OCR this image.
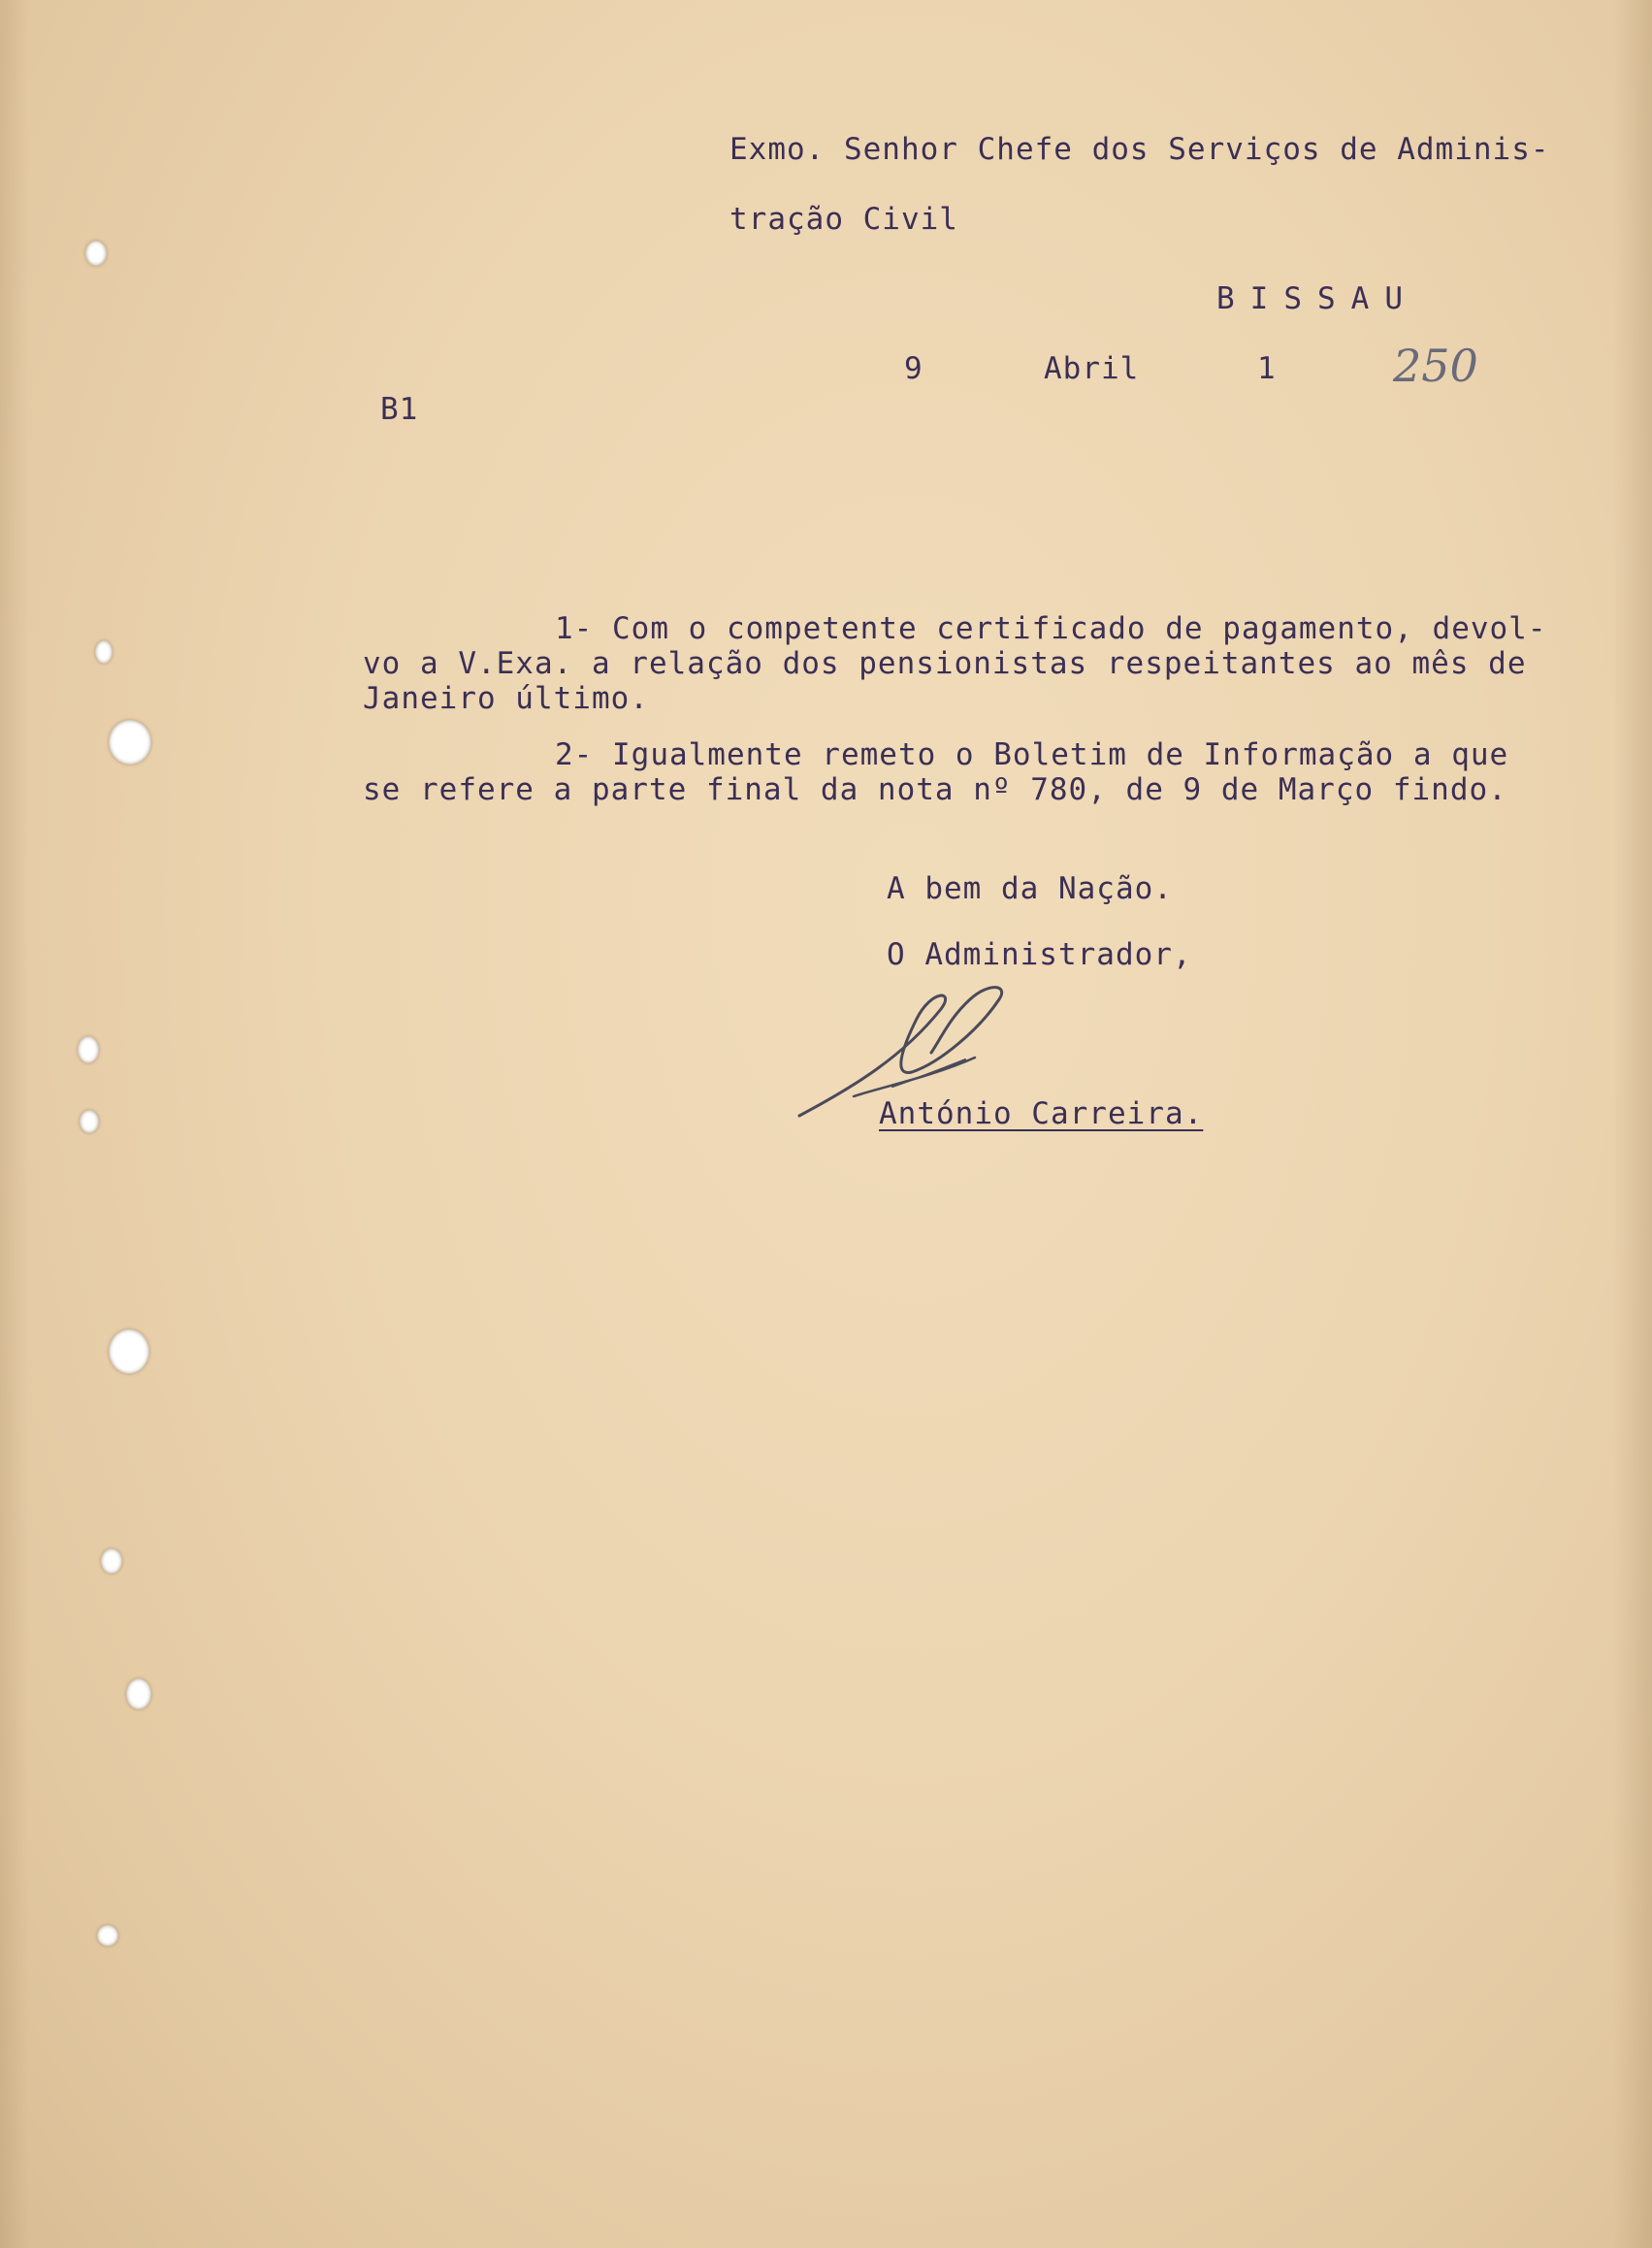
Exmo. Senhor Chefe dos Serviços de Adminis-
tração Civil
BISSAU
9	Abril	1	250
B1
1- Com o competente certificado de pagamento, devol-
vo a V.Exa. a relação dos pensionistas respeitantes ao mês de
Janeiro último.
2- Igualmente remeto o Boletim de Informação a que
se refere a parte final da nota nº 780, de 9 de Março findo.
A bem da Nação.
O Administrador,
António Carreira.
